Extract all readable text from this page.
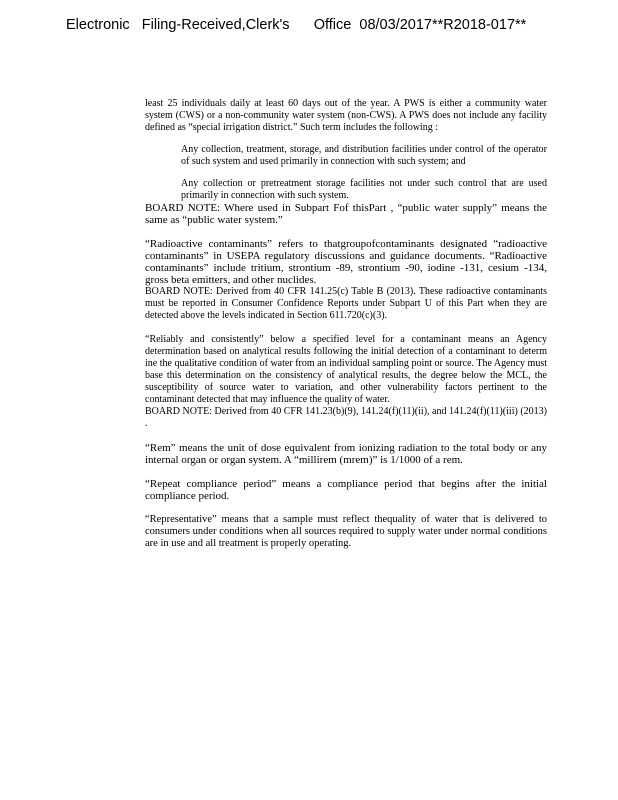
Electronic   Filing-Received,Clerk's      Office  08/03/2017**R2018-017**

least 25 individuals daily at least 60 days out of the year. A PWS is either a community water system (CWS) or a non-community water system (non-CWS). A PWS does not include any facility defined as “special irrigation district.” Such term includes the following :

Any collection, treatment, storage, and distribution facilities under control of the operator of such system and used primarily in connection with such system; and

Any collection or pretreatment storage facilities not under such control that are used primarily in connection with such system.

BOARD NOTE: Where used in Subpart Fof thisPart , “public water supply” means the same as “public water system.”

“Radioactive contaminants” refers to thatgroupofcontaminants designated “radioactive contaminants” in USEPA regulatory discussions and guidance documents. “Radioactive contaminants” include tritium, strontium -89, strontium -90, iodine -131, cesium -134, gross beta emitters, and other nuclides.

BOARD NOTE: Derived from 40 CFR 141.25(c) Table B (2013). These radioactive contaminants must be reported in Consumer Confidence Reports under Subpart U of this Part when they are detected above the levels indicated in Section 611.720(c)(3).

“Reliably and consistently” below a specified level for a contaminant means an Agency determination based on analytical results following the initial detection of a contaminant to determ ine the qualitative condition of water from an individual sampling point or source. The Agency must base this determination on the consistency of analytical results, the degree below the MCL, the susceptibility of source water to variation, and other vulnerability factors pertinent to the contaminant detected that may influence the quality of water.

BOARD NOTE: Derived from 40 CFR 141.23(b)(9), 141.24(f)(11)(ii), and 141.24(f)(11)(iii) (2013) .

“Rem” means the unit of dose equivalent from ionizing radiation to the total body or any internal organ or organ system. A “millirem (mrem)” is 1/1000 of a rem.

“Repeat compliance period” means a compliance period that begins after the initial compliance period.

“Representative” means that a sample must reflect thequality of water that is delivered to consumers under conditions when all sources required to supply water under normal conditions are in use and all treatment is properly operating.
